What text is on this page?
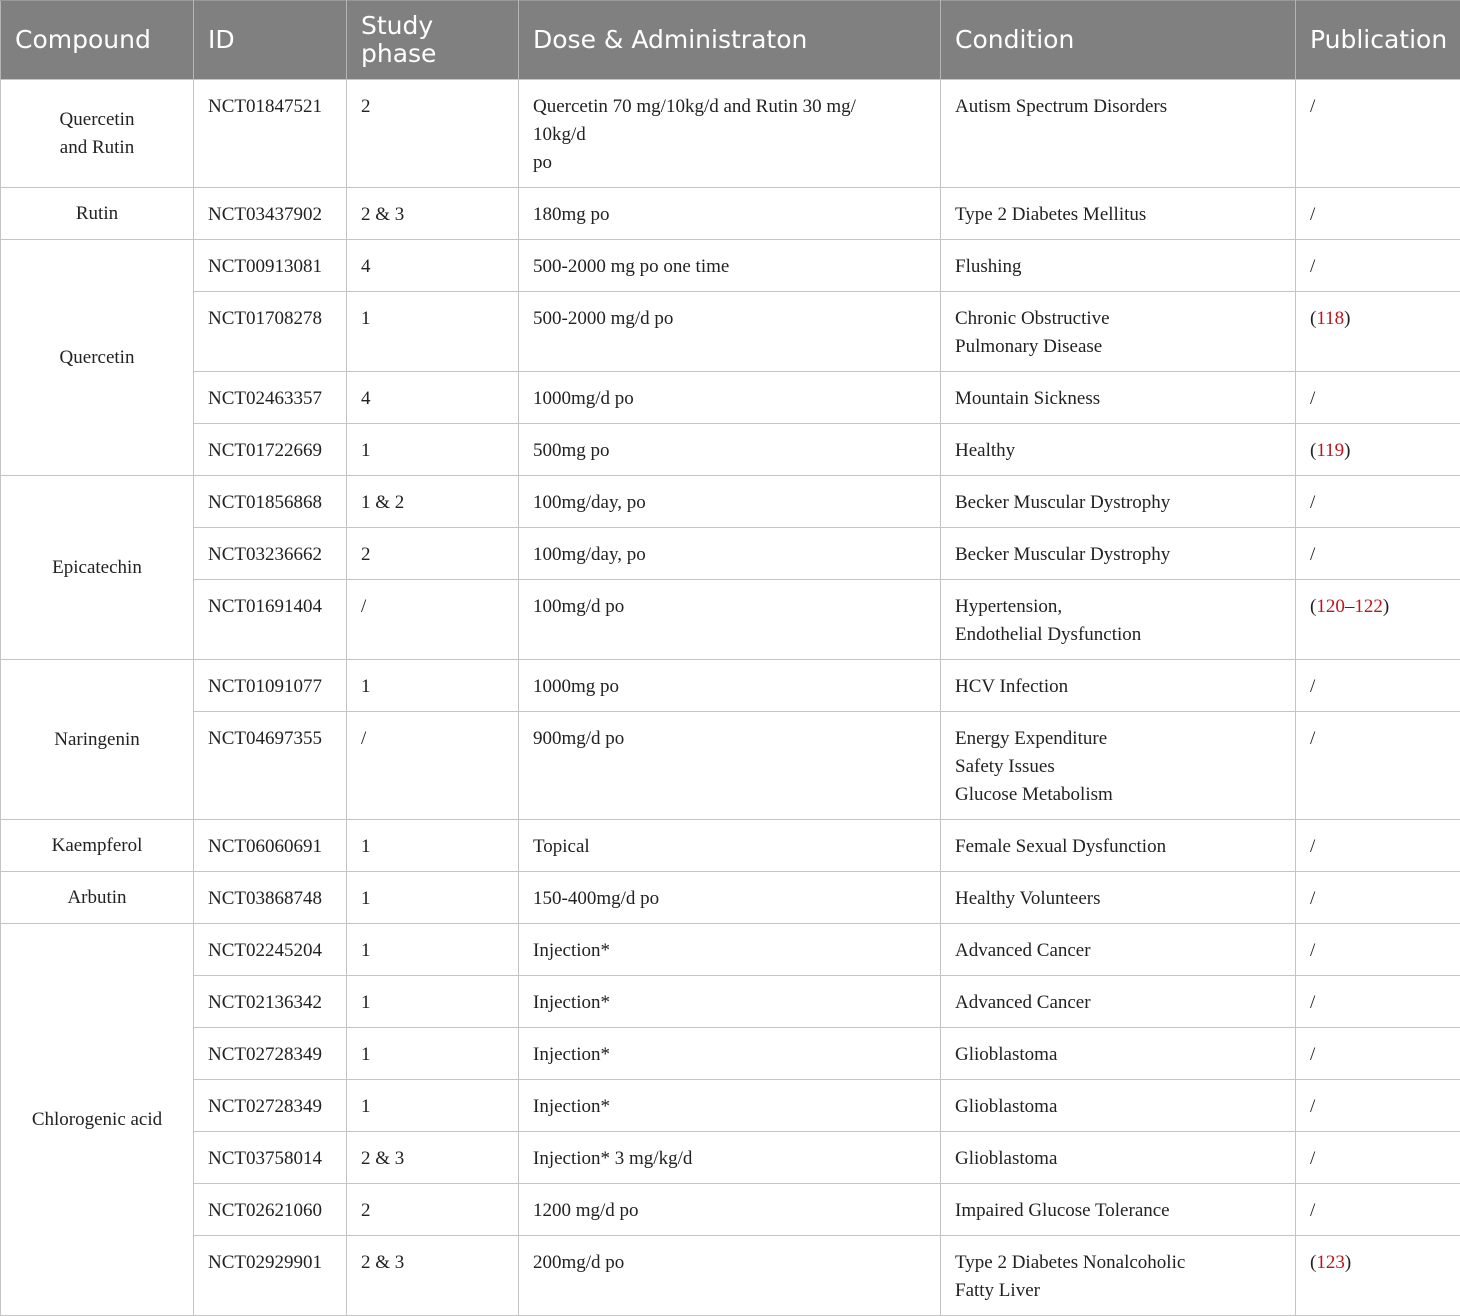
Compound	ID	Study phase	Dose & Administraton	Condition	Publication
Quercetin
and Rutin	NCT01847521	2	Quercetin 70 mg/10kg/d and Rutin 30 mg/
10kg/d
po	Autism Spectrum Disorders	/
Rutin	NCT03437902	2 & 3	180mg po	Type 2 Diabetes Mellitus	/
Quercetin	NCT00913081	4	500-2000 mg po one time	Flushing	/
	NCT01708278	1	500-2000 mg/d po	Chronic Obstructive
Pulmonary Disease	(118)
	NCT02463357	4	1000mg/d po	Mountain Sickness	/
	NCT01722669	1	500mg po	Healthy	(119)
Epicatechin	NCT01856868	1 & 2	100mg/day, po	Becker Muscular Dystrophy	/
	NCT03236662	2	100mg/day, po	Becker Muscular Dystrophy	/
	NCT01691404	/	100mg/d po	Hypertension,
Endothelial Dysfunction	(120–122)
Naringenin	NCT01091077	1	1000mg po	HCV Infection	/
	NCT04697355	/	900mg/d po	Energy Expenditure
Safety Issues
Glucose Metabolism	/
Kaempferol	NCT06060691	1	Topical	Female Sexual Dysfunction	/
Arbutin	NCT03868748	1	150-400mg/d po	Healthy Volunteers	/
Chlorogenic acid	NCT02245204	1	Injection*	Advanced Cancer	/
	NCT02136342	1	Injection*	Advanced Cancer	/
	NCT02728349	1	Injection*	Glioblastoma	/
	NCT02728349	1	Injection*	Glioblastoma	/
	NCT03758014	2 & 3	Injection* 3 mg/kg/d	Glioblastoma	/
	NCT02621060	2	1200 mg/d po	Impaired Glucose Tolerance	/
	NCT02929901	2 & 3	200mg/d po	Type 2 Diabetes Nonalcoholic
Fatty Liver	(123)
